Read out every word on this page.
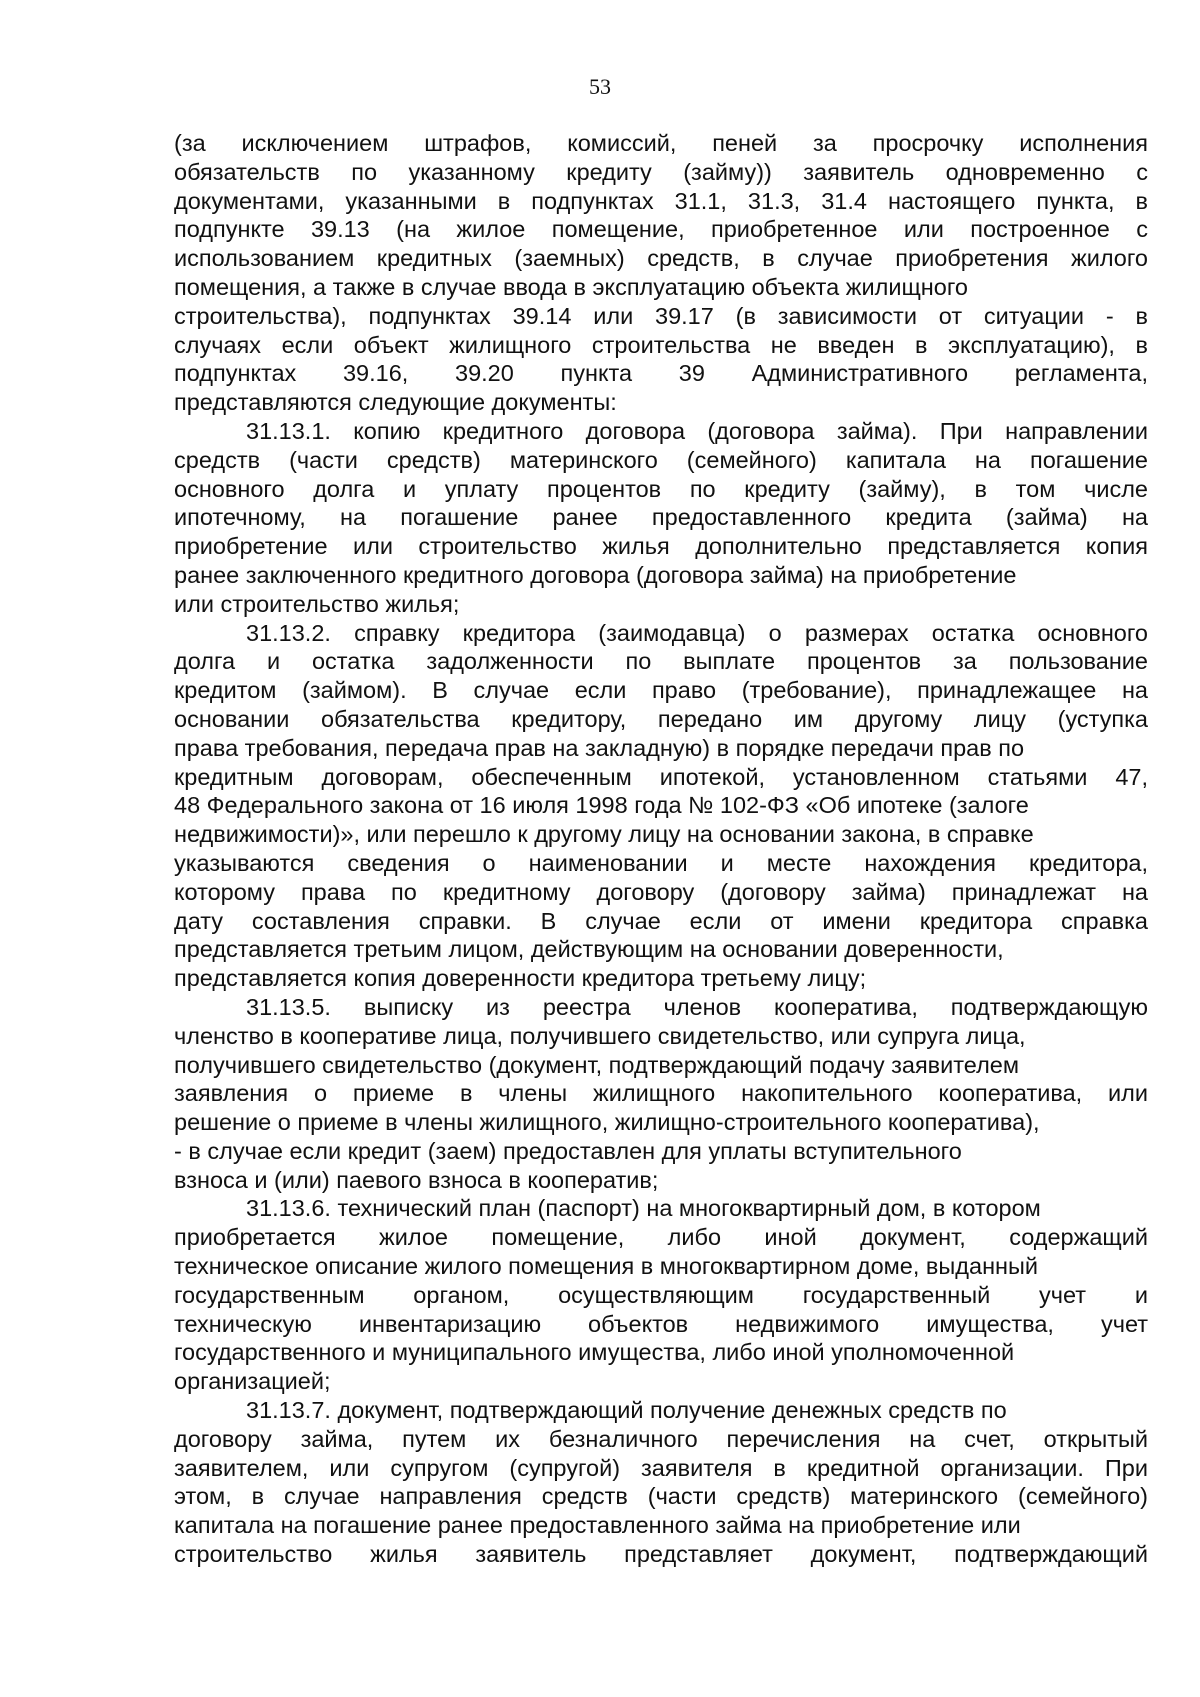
53
(за исключением штрафов, комиссий, пеней за просрочку исполнения
обязательств по указанному кредиту (займу)) заявитель одновременно с
документами, указанными в подпунктах 31.1, 31.3, 31.4 настоящего пункта, в
подпункте 39.13 (на жилое помещение, приобретенное или построенное с
использованием кредитных (заемных) средств, в случае приобретения жилого
помещения, а также в случае ввода в эксплуатацию объекта жилищного
строительства), подпунктах 39.14 или 39.17 (в зависимости от ситуации - в
случаях если объект жилищного строительства не введен в эксплуатацию), в
подпунктах 39.16, 39.20 пункта 39 Административного регламента,
представляются следующие документы:
31.13.1. копию кредитного договора (договора займа). При направлении
средств (части средств) материнского (семейного) капитала на погашение
основного долга и уплату процентов по кредиту (займу), в том числе
ипотечному, на погашение ранее предоставленного кредита (займа) на
приобретение или строительство жилья дополнительно представляется копия
ранее заключенного кредитного договора (договора займа) на приобретение
или строительство жилья;
31.13.2. справку кредитора (заимодавца) о размерах остатка основного
долга и остатка задолженности по выплате процентов за пользование
кредитом (займом). В случае если право (требование), принадлежащее на
основании обязательства кредитору, передано им другому лицу (уступка
права требования, передача прав на закладную) в порядке передачи прав по
кредитным договорам, обеспеченным ипотекой, установленном статьями 47,
48 Федерального закона от 16 июля 1998 года № 102-ФЗ «Об ипотеке (залоге
недвижимости)», или перешло к другому лицу на основании закона, в справке
указываются сведения о наименовании и месте нахождения кредитора,
которому права по кредитному договору (договору займа) принадлежат на
дату составления справки. В случае если от имени кредитора справка
представляется третьим лицом, действующим на основании доверенности,
представляется копия доверенности кредитора третьему лицу;
31.13.5. выписку из реестра членов кооператива, подтверждающую
членство в кооперативе лица, получившего свидетельство, или супруга лица,
получившего свидетельство (документ, подтверждающий подачу заявителем
заявления о приеме в члены жилищного накопительного кооператива, или
решение о приеме в члены жилищного, жилищно-строительного кооператива),
- в случае если кредит (заем) предоставлен для уплаты вступительного
взноса и (или) паевого взноса в кооператив;
31.13.6. технический план (паспорт) на многоквартирный дом, в котором
приобретается жилое помещение, либо иной документ, содержащий
техническое описание жилого помещения в многоквартирном доме, выданный
государственным органом, осуществляющим государственный учет и
техническую инвентаризацию объектов недвижимого имущества, учет
государственного и муниципального имущества, либо иной уполномоченной
организацией;
31.13.7. документ, подтверждающий получение денежных средств по
договору займа, путем их безналичного перечисления на счет, открытый
заявителем, или супругом (супругой) заявителя в кредитной организации. При
этом, в случае направления средств (части средств) материнского (семейного)
капитала на погашение ранее предоставленного займа на приобретение или
строительство жилья заявитель представляет документ, подтверждающий
